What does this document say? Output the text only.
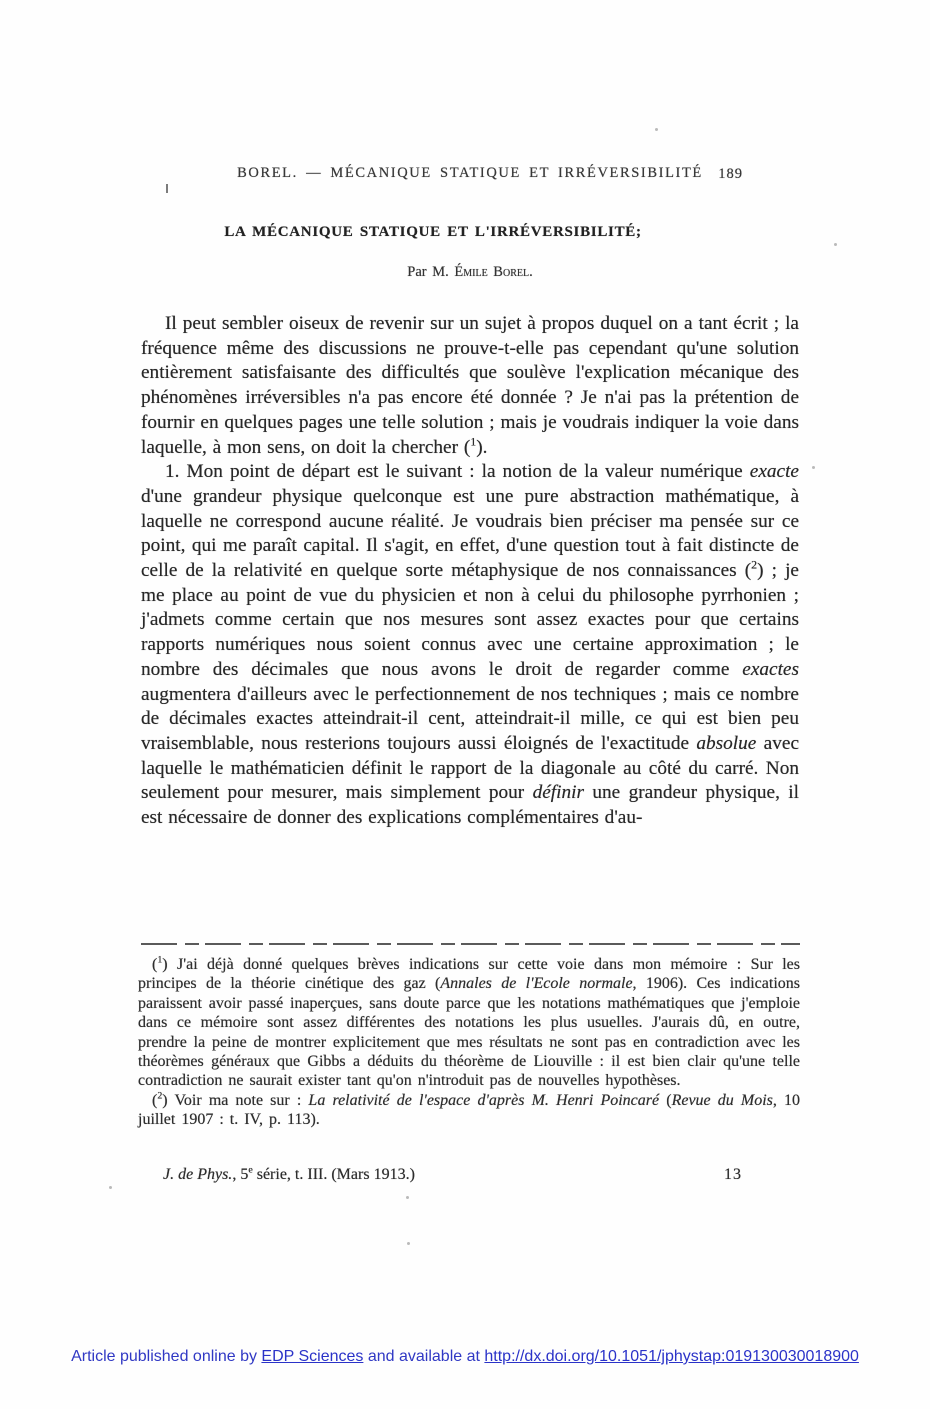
BOREL. — MÉCANIQUE STATIQUE ET IRRÉVERSIBILITÉ 189
LA MÉCANIQUE STATIQUE ET L'IRRÉVERSIBILITÉ;
Par M. Émile Borel.

Il peut sembler oiseux de revenir sur un sujet à propos duquel on a tant écrit ; la fréquence même des discussions ne prouve-t-elle pas cependant qu'une solution entièrement satisfaisante des difficultés que soulève l'explication mécanique des phénomènes irréversibles n'a pas encore été donnée ? Je n'ai pas la prétention de fournir en quelques pages une telle solution ; mais je voudrais indiquer la voie dans laquelle, à mon sens, on doit la chercher ($^1$).

1. Mon point de départ est le suivant : la notion de la valeur numérique exacte d'une grandeur physique quelconque est une pure abstraction mathématique, à laquelle ne correspond aucune réalité. Je voudrais bien préciser ma pensée sur ce point, qui me paraît capital. Il s'agit, en effet, d'une question tout à fait distincte de celle de la relativité en quelque sorte métaphysique de nos connaissances ($^2$) ; je me place au point de vue du physicien et non à celui du philosophe pyrrhonien ; j'admets comme certain que nos mesures sont assez exactes pour que certains rapports numériques nous soient connus avec une certaine approximation ; le nombre des décimales que nous avons le droit de regarder comme exactes augmentera d'ailleurs avec le perfectionnement de nos techniques ; mais ce nombre de décimales exactes atteindrait-il cent, atteindrait-il mille, ce qui est bien peu vraisemblable, nous resterions toujours aussi éloignés de l'exactitude absolue avec laquelle le mathématicien définit le rapport de la diagonale au côté du carré. Non seulement pour mesurer, mais simplement pour définir une grandeur physique, il est nécessaire de donner des explications complémentaires d'au-

($^1$) J'ai déjà donné quelques brèves indications sur cette voie dans mon mémoire : Sur les principes de la théorie cinétique des gaz (Annales de l'Ecole normale, 1906). Ces indications paraissent avoir passé inaperçues, sans doute parce que les notations mathématiques que j'emploie dans ce mémoire sont assez différentes des notations les plus usuelles. J'aurais dû, en outre, prendre la peine de montrer explicitement que mes résultats ne sont pas en contradiction avec les théorèmes généraux que Gibbs a déduits du théorème de Liouville : il est bien clair qu'une telle contradiction ne saurait exister tant qu'on n'introduit pas de nouvelles hypothèses.

($^2$) Voir ma note sur : La relativité de l'espace d'après M. Henri Poincaré (Revue du Mois, 10 juillet 1907 : t. IV, p. 113).

J. de Phys., 5e série, t. III. (Mars 1913.)	13
Article published online by EDP Sciences and available at http://dx.doi.org/10.1051/jphystap:019130030018900
